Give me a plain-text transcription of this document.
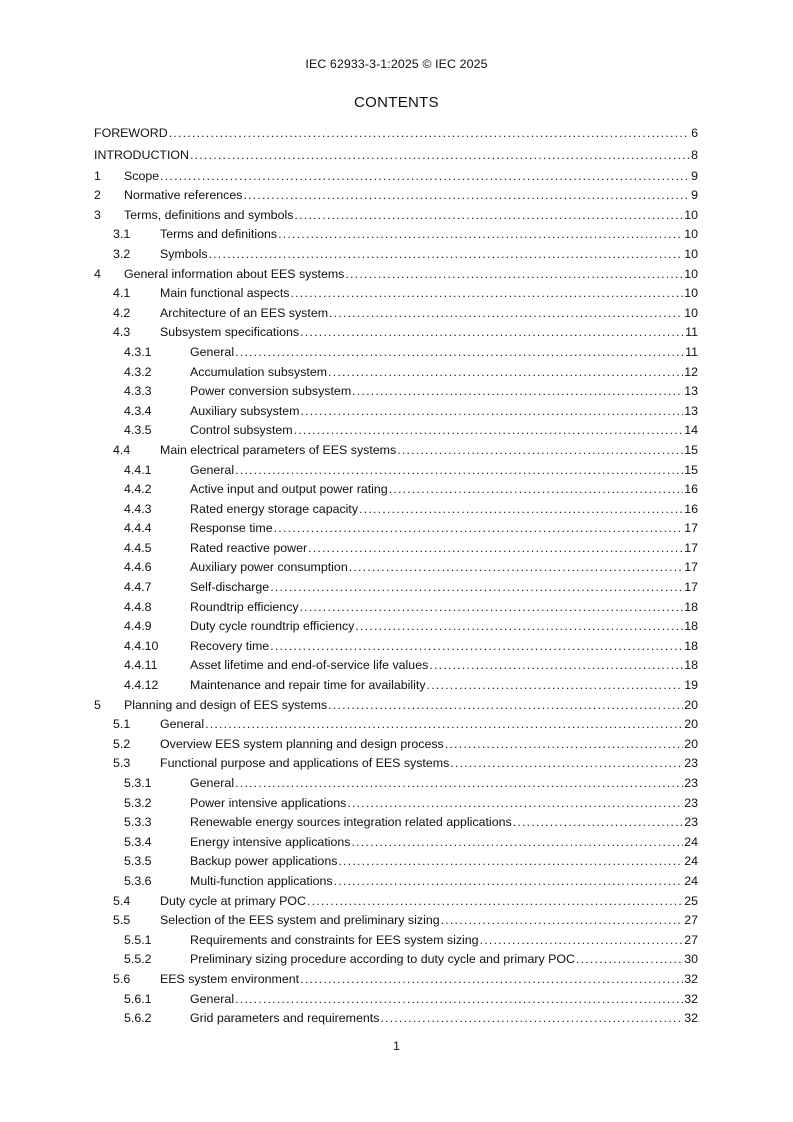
IEC 62933-3-1:2025 © IEC 2025
CONTENTS
FOREWORD .....	6
INTRODUCTION .....	8
1 Scope .....	9
2 Normative references .....	9
3 Terms, definitions and symbols .....	10
3.1 Terms and definitions .....	10
3.2 Symbols .....	10
4 General information about EES systems .....	10
4.1 Main functional aspects .....	10
4.2 Architecture of an EES system .....	10
4.3 Subsystem specifications .....	11
4.3.1	General .....	11
4.3.2	Accumulation subsystem .....	12
4.3.3	Power conversion subsystem .....	13
4.3.4	Auxiliary subsystem .....	13
4.3.5	Control subsystem .....	14
4.4 Main electrical parameters of EES systems .....	15
4.4.1	General .....	15
4.4.2	Active input and output power rating .....	16
4.4.3	Rated energy storage capacity .....	16
4.4.4	Response time .....	17
4.4.5	Rated reactive power .....	17
4.4.6	Auxiliary power consumption .....	17
4.4.7	Self-discharge .....	17
4.4.8	Roundtrip efficiency .....	18
4.4.9	Duty cycle roundtrip efficiency .....	18
4.4.10	Recovery time .....	18
4.4.11	Asset lifetime and end-of-service life values .....	18
4.4.12	Maintenance and repair time for availability .....	19
5 Planning and design of EES systems .....	20
5.1 General .....	20
5.2 Overview EES system planning and design process .....	20
5.3 Functional purpose and applications of EES systems .....	23
5.3.1	General .....	23
5.3.2	Power intensive applications .....	23
5.3.3	Renewable energy sources integration related applications .....	23
5.3.4	Energy intensive applications .....	24
5.3.5	Backup power applications .....	24
5.3.6	Multi-function applications .....	24
5.4 Duty cycle at primary POC .....	25
5.5 Selection of the EES system and preliminary sizing .....	27
5.5.1	Requirements and constraints for EES system sizing .....	27
5.5.2	Preliminary sizing procedure according to duty cycle and primary POC .....	30
5.6 EES system environment .....	32
5.6.1	General .....	32
5.6.2	Grid parameters and requirements .....	32
1
